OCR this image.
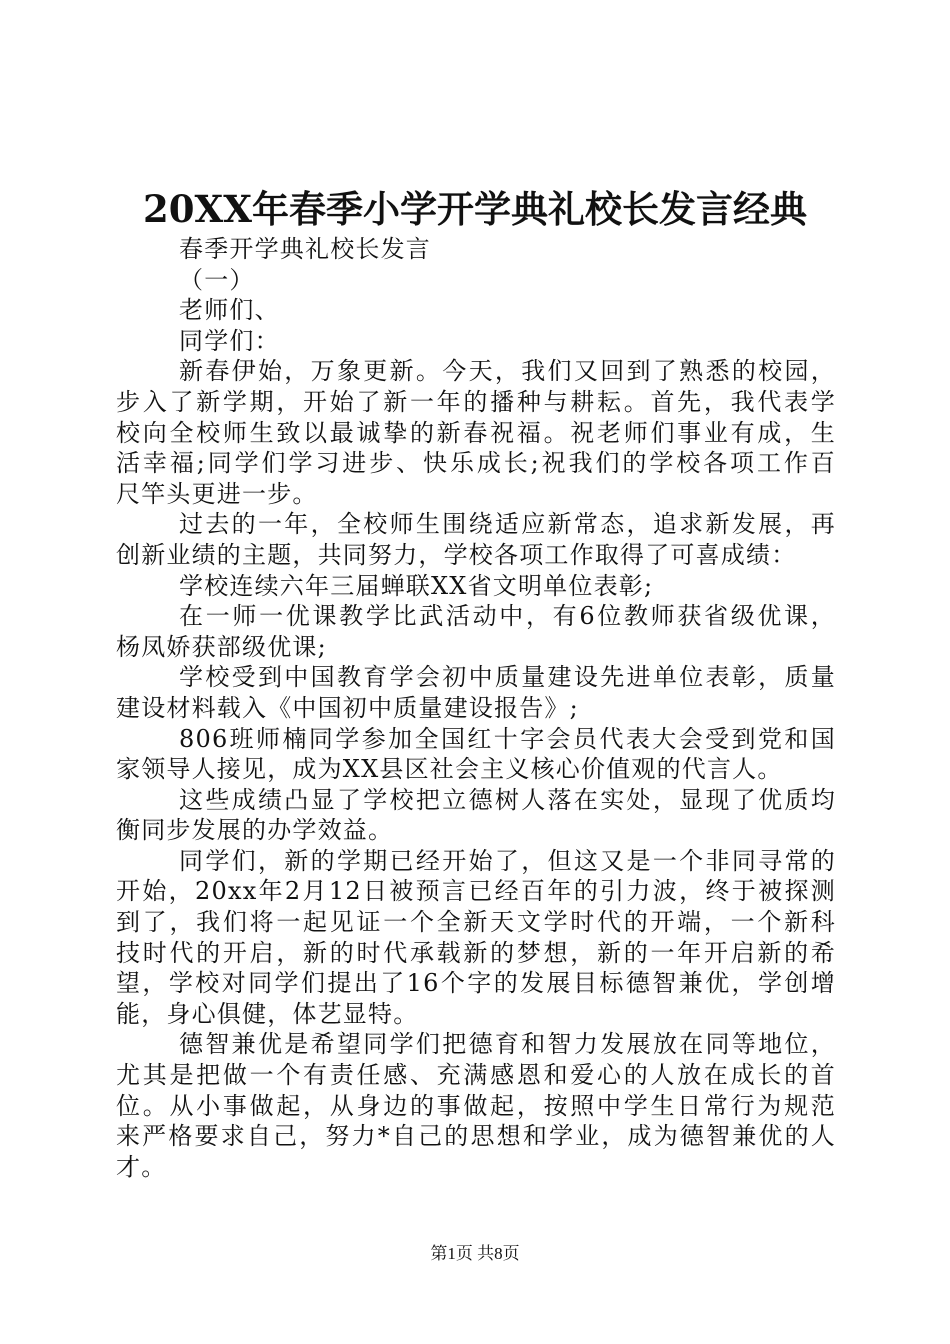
20XX年春季小学开学典礼校长发言经典
春季开学典礼校长发言
（一）
老师们、
同学们：
新春伊始，万象更新。今天，我们又回到了熟悉的校园，
步入了新学期，开始了新一年的播种与耕耘。首先，我代表学
校向全校师生致以最诚挚的新春祝福。祝老师们事业有成，生
活幸福;同学们学习进步、快乐成长;祝我们的学校各项工作百
尺竿头更进一步。
过去的一年，全校师生围绕适应新常态，追求新发展，再
创新业绩的主题，共同努力，学校各项工作取得了可喜成绩：
学校连续六年三届蝉联XX省文明单位表彰;
在一师一优课教学比武活动中，有6位教师获省级优课，
杨凤娇获部级优课;
学校受到中国教育学会初中质量建设先进单位表彰，质量
建设材料载入《中国初中质量建设报告》;
806班师楠同学参加全国红十字会员代表大会受到党和国
家领导人接见，成为XX县区社会主义核心价值观的代言人。
这些成绩凸显了学校把立德树人落在实处，显现了优质均
衡同步发展的办学效益。
同学们，新的学期已经开始了，但这又是一个非同寻常的
开始，20xx年2月12日被预言已经百年的引力波，终于被探测
到了，我们将一起见证一个全新天文学时代的开端，一个新科
技时代的开启，新的时代承载新的梦想，新的一年开启新的希
望，学校对同学们提出了16个字的发展目标德智兼优，学创增
能，身心俱健，体艺显特。
德智兼优是希望同学们把德育和智力发展放在同等地位，
尤其是把做一个有责任感、充满感恩和爱心的人放在成长的首
位。从小事做起，从身边的事做起，按照中学生日常行为规范
来严格要求自己，努力*自己的思想和学业，成为德智兼优的人
才。
第1页 共8页
